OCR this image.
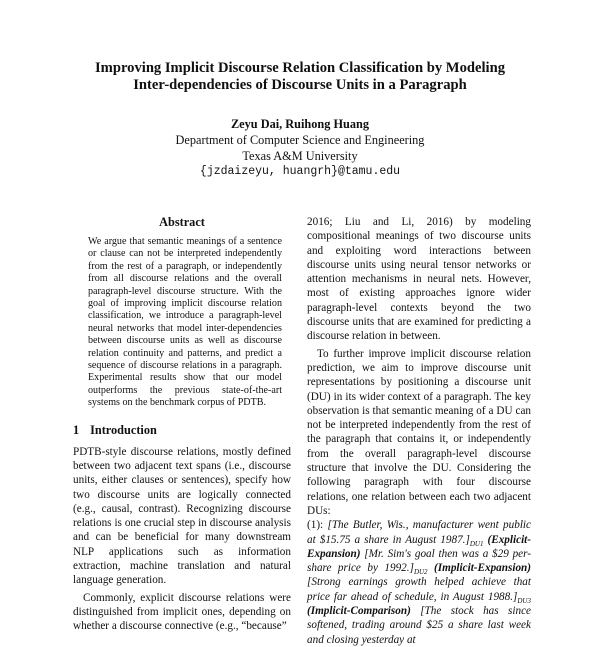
Improving Implicit Discourse Relation Classification by Modeling
Inter-dependencies of Discourse Units in a Paragraph
Zeyu Dai, Ruihong Huang
Department of Computer Science and Engineering
Texas A&M University
{jzdaizeyu, huangrh}@tamu.edu
Abstract
We argue that semantic meanings of a sentence or clause can not be interpreted independently from the rest of a paragraph, or independently from all discourse relations and the overall paragraph-level discourse structure. With the goal of improving implicit discourse relation classification, we introduce a paragraph-level neural networks that model inter-dependencies between discourse units as well as discourse relation continuity and patterns, and predict a sequence of discourse relations in a paragraph. Experimental results show that our model outperforms the previous state-of-the-art systems on the benchmark corpus of PDTB.
1 Introduction

PDTB-style discourse relations, mostly defined between two adjacent text spans (i.e., discourse units, either clauses or sentences), specify how two discourse units are logically connected (e.g., causal, contrast). Recognizing discourse relations is one crucial step in discourse analysis and can be beneficial for many downstream NLP applications such as information extraction, machine translation and natural language generation.

Commonly, explicit discourse relations were distinguished from implicit ones, depending on whether a discourse connective (e.g., “because”

2016; Liu and Li, 2016) by modeling compositional meanings of two discourse units and exploiting word interactions between discourse units using neural tensor networks or attention mechanisms in neural nets. However, most of existing approaches ignore wider paragraph-level contexts beyond the two discourse units that are examined for predicting a discourse relation in between.

To further improve implicit discourse relation prediction, we aim to improve discourse unit representations by positioning a discourse unit (DU) in its wider context of a paragraph. The key observation is that semantic meaning of a DU can not be interpreted independently from the rest of the paragraph that contains it, or independently from the overall paragraph-level discourse structure that involve the DU. Considering the following paragraph with four discourse relations, one relation between each two adjacent DUs:

(1): [The Butler, Wis., manufacturer went public at $15.75 a share in August $1987.]_{DU1}$ (Explicit-Expansion) [Mr. Sim's goal then was a $29 per-share price by $1992.]_{DU2}$ (Implicit-Expansion) [Strong earnings growth helped achieve that price far ahead of schedule, in August $1988.]_{DU3}$ (Implicit-Comparison) [The stock has since softened, trading around $25 a share last week and closing yesterday at
